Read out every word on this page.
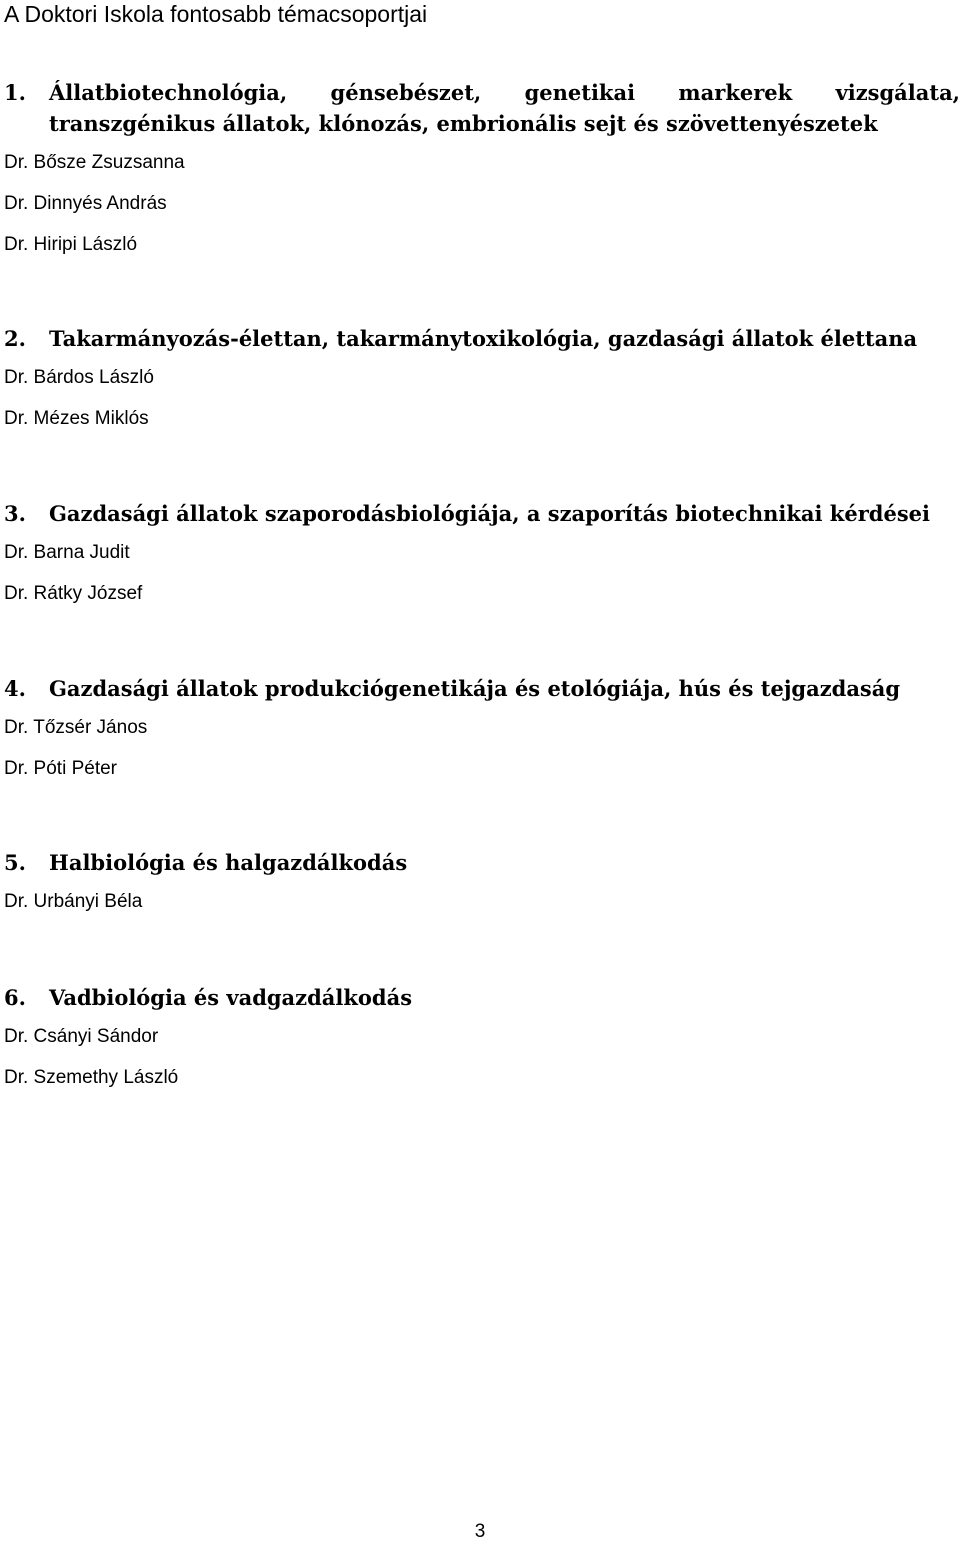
A Doktori Iskola fontosabb témacsoportjai
1.	Állatbiotechnológia, génsebészet, genetikai markerek vizsgálata, transzgénikus állatok, klónozás, embrionális sejt és szövettenyészetek
Dr. Bősze Zsuzsanna
Dr. Dinnyés András
Dr. Hiripi László
2.	Takarmányozás-élettan, takarmánytoxikológia, gazdasági állatok élettana
Dr. Bárdos László
Dr. Mézes Miklós
3.	Gazdasági állatok szaporodásbiológiája, a szaporítás biotechnikai kérdései
Dr. Barna Judit
Dr. Rátky József
4.	Gazdasági állatok produkciógenetikája és etológiája, hús és tejgazdaság
Dr. Tőzsér János
Dr. Póti Péter
5.	Halbiológia és halgazdálkodás
Dr. Urbányi Béla
6.	Vadbiológia és vadgazdálkodás
Dr. Csányi Sándor
Dr. Szemethy László
3
